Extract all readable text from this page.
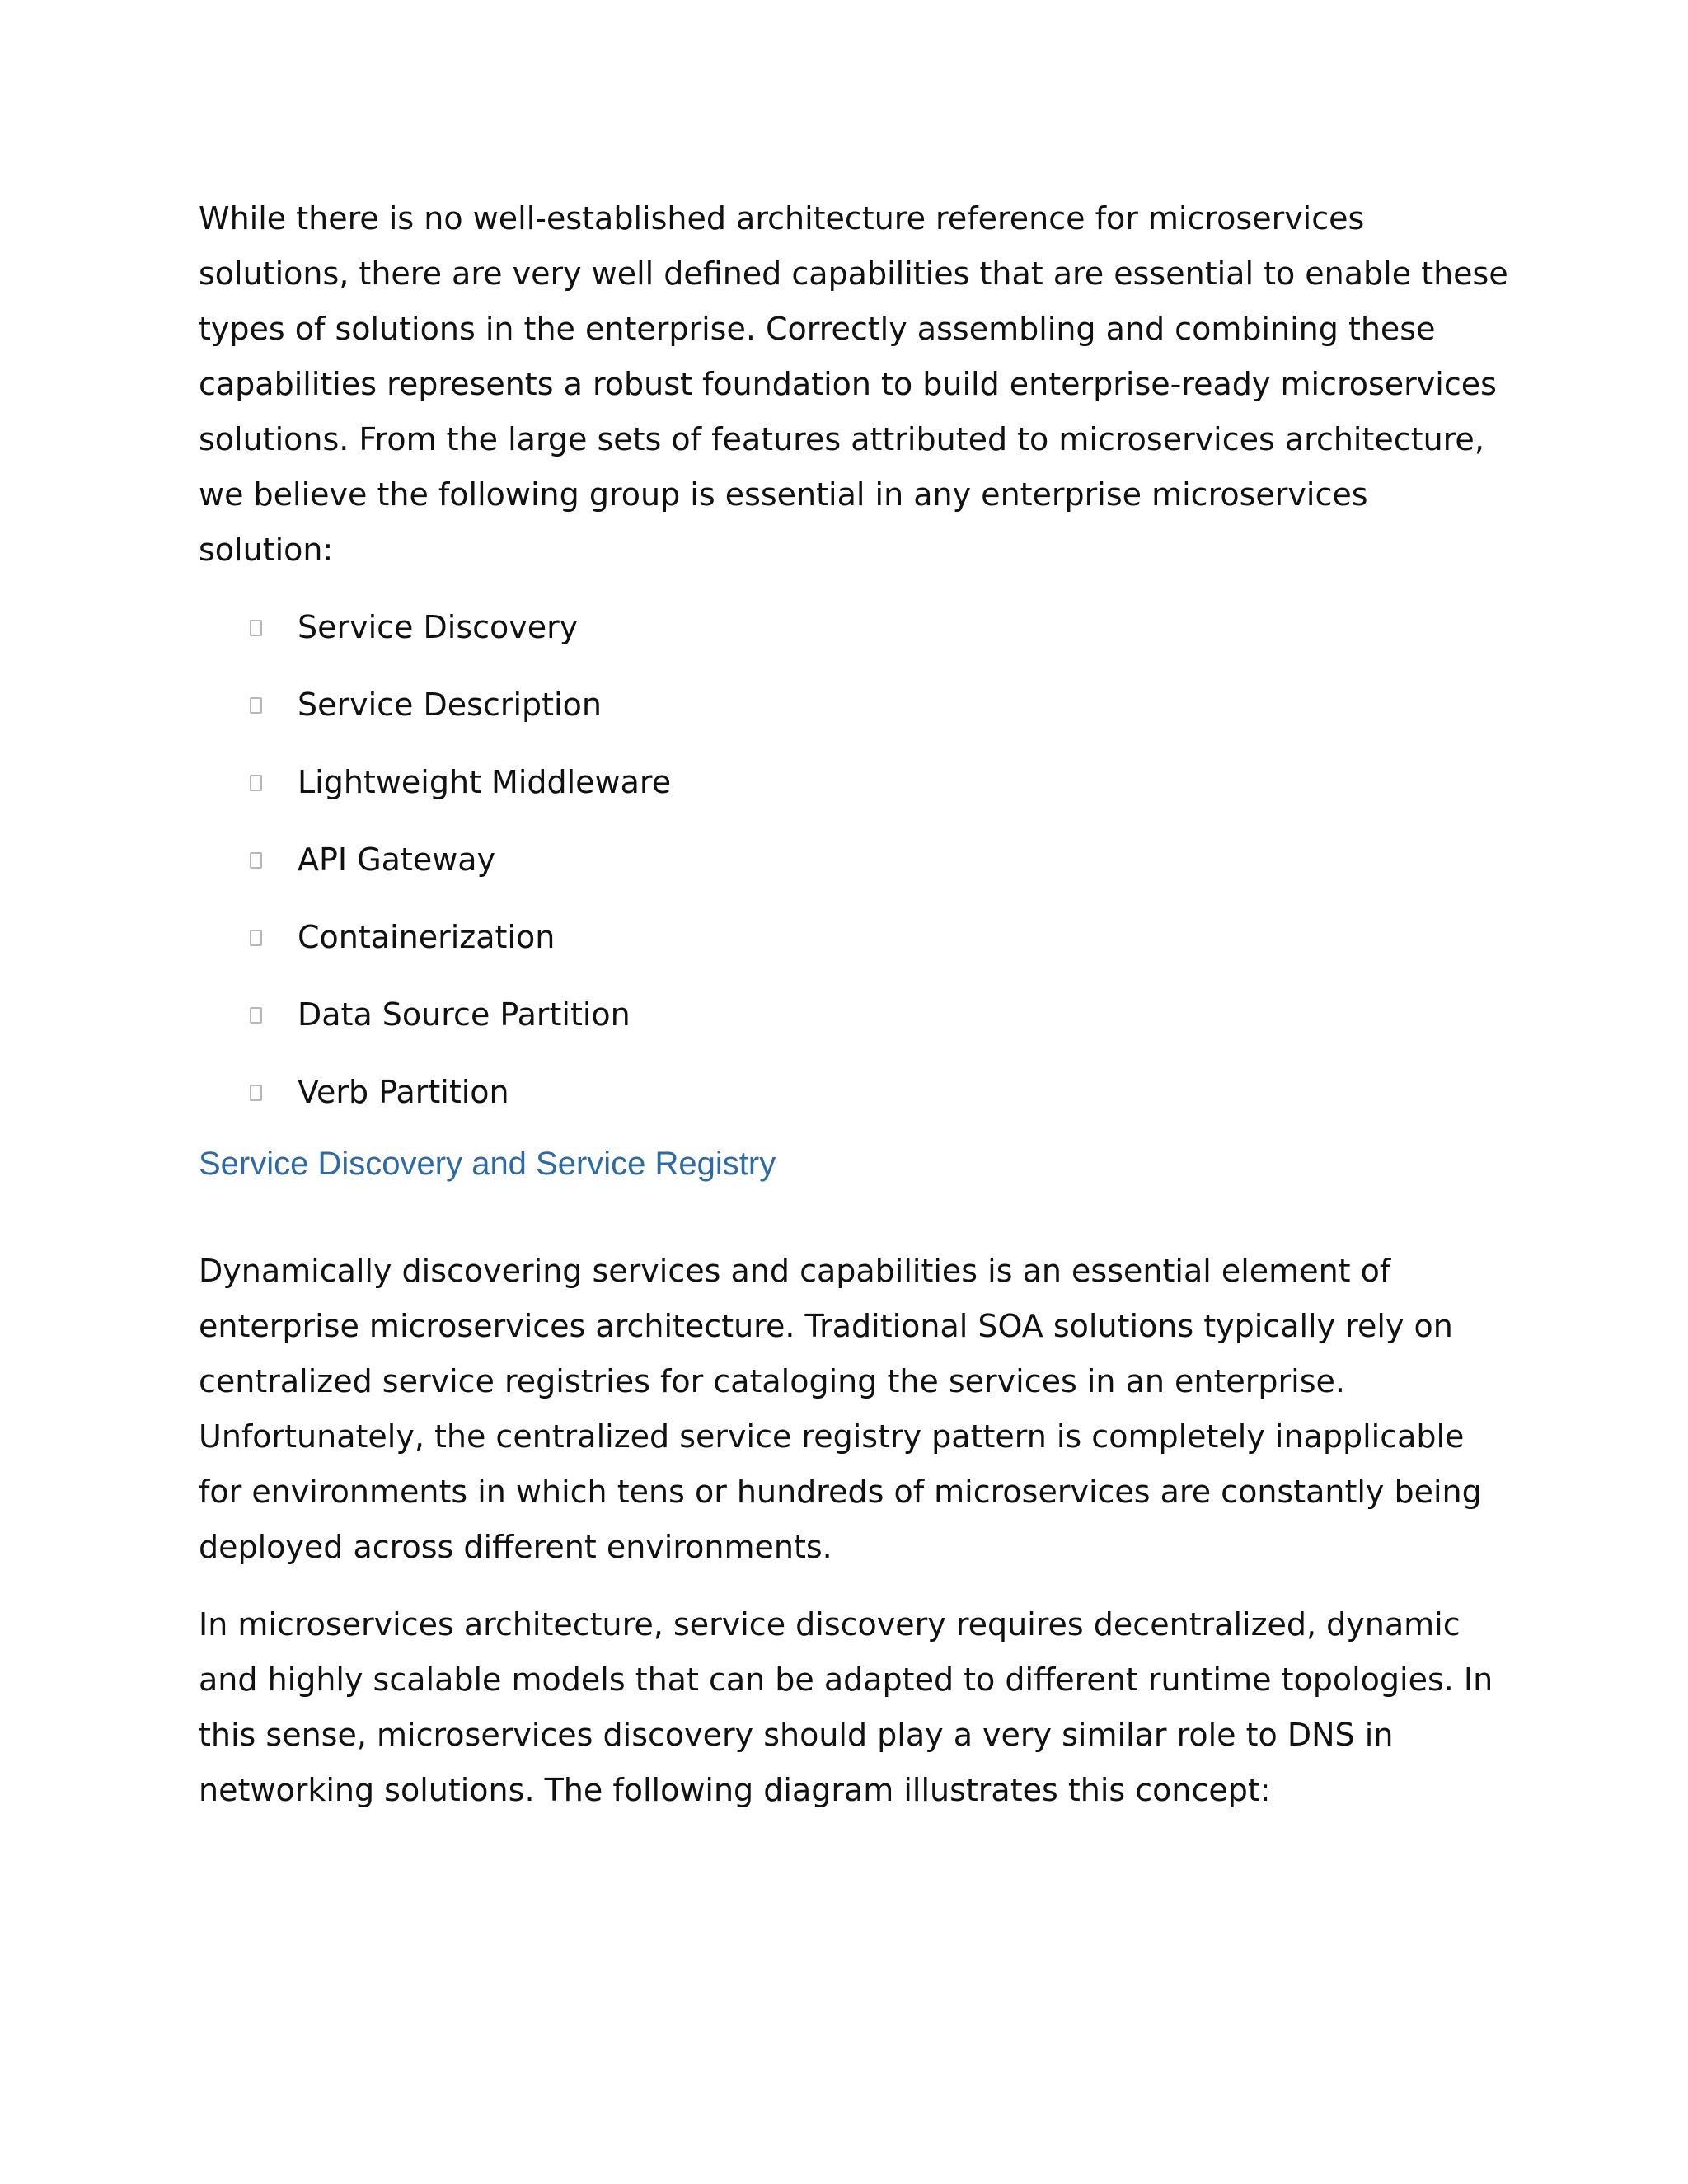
While there is no well-established architecture reference for microservices solutions, there are very well defined capabilities that are essential to enable these types of solutions in the enterprise. Correctly assembling and combining these capabilities represents a robust foundation to build enterprise-ready microservices solutions. From the large sets of features attributed to microservices architecture, we believe the following group is essential in any enterprise microservices solution:

Service Discovery
Service Description
Lightweight Middleware
API Gateway
Containerization
Data Source Partition
Verb Partition
Service Discovery and Service Registry

Dynamically discovering services and capabilities is an essential element of enterprise microservices architecture. Traditional SOA solutions typically rely on centralized service registries for cataloging the services in an enterprise. Unfortunately, the centralized service registry pattern is completely inapplicable for environments in which tens or hundreds of microservices are constantly being deployed across different environments.

In microservices architecture, service discovery requires decentralized, dynamic and highly scalable models that can be adapted to different runtime topologies. In this sense, microservices discovery should play a very similar role to DNS in networking solutions. The following diagram illustrates this concept:
